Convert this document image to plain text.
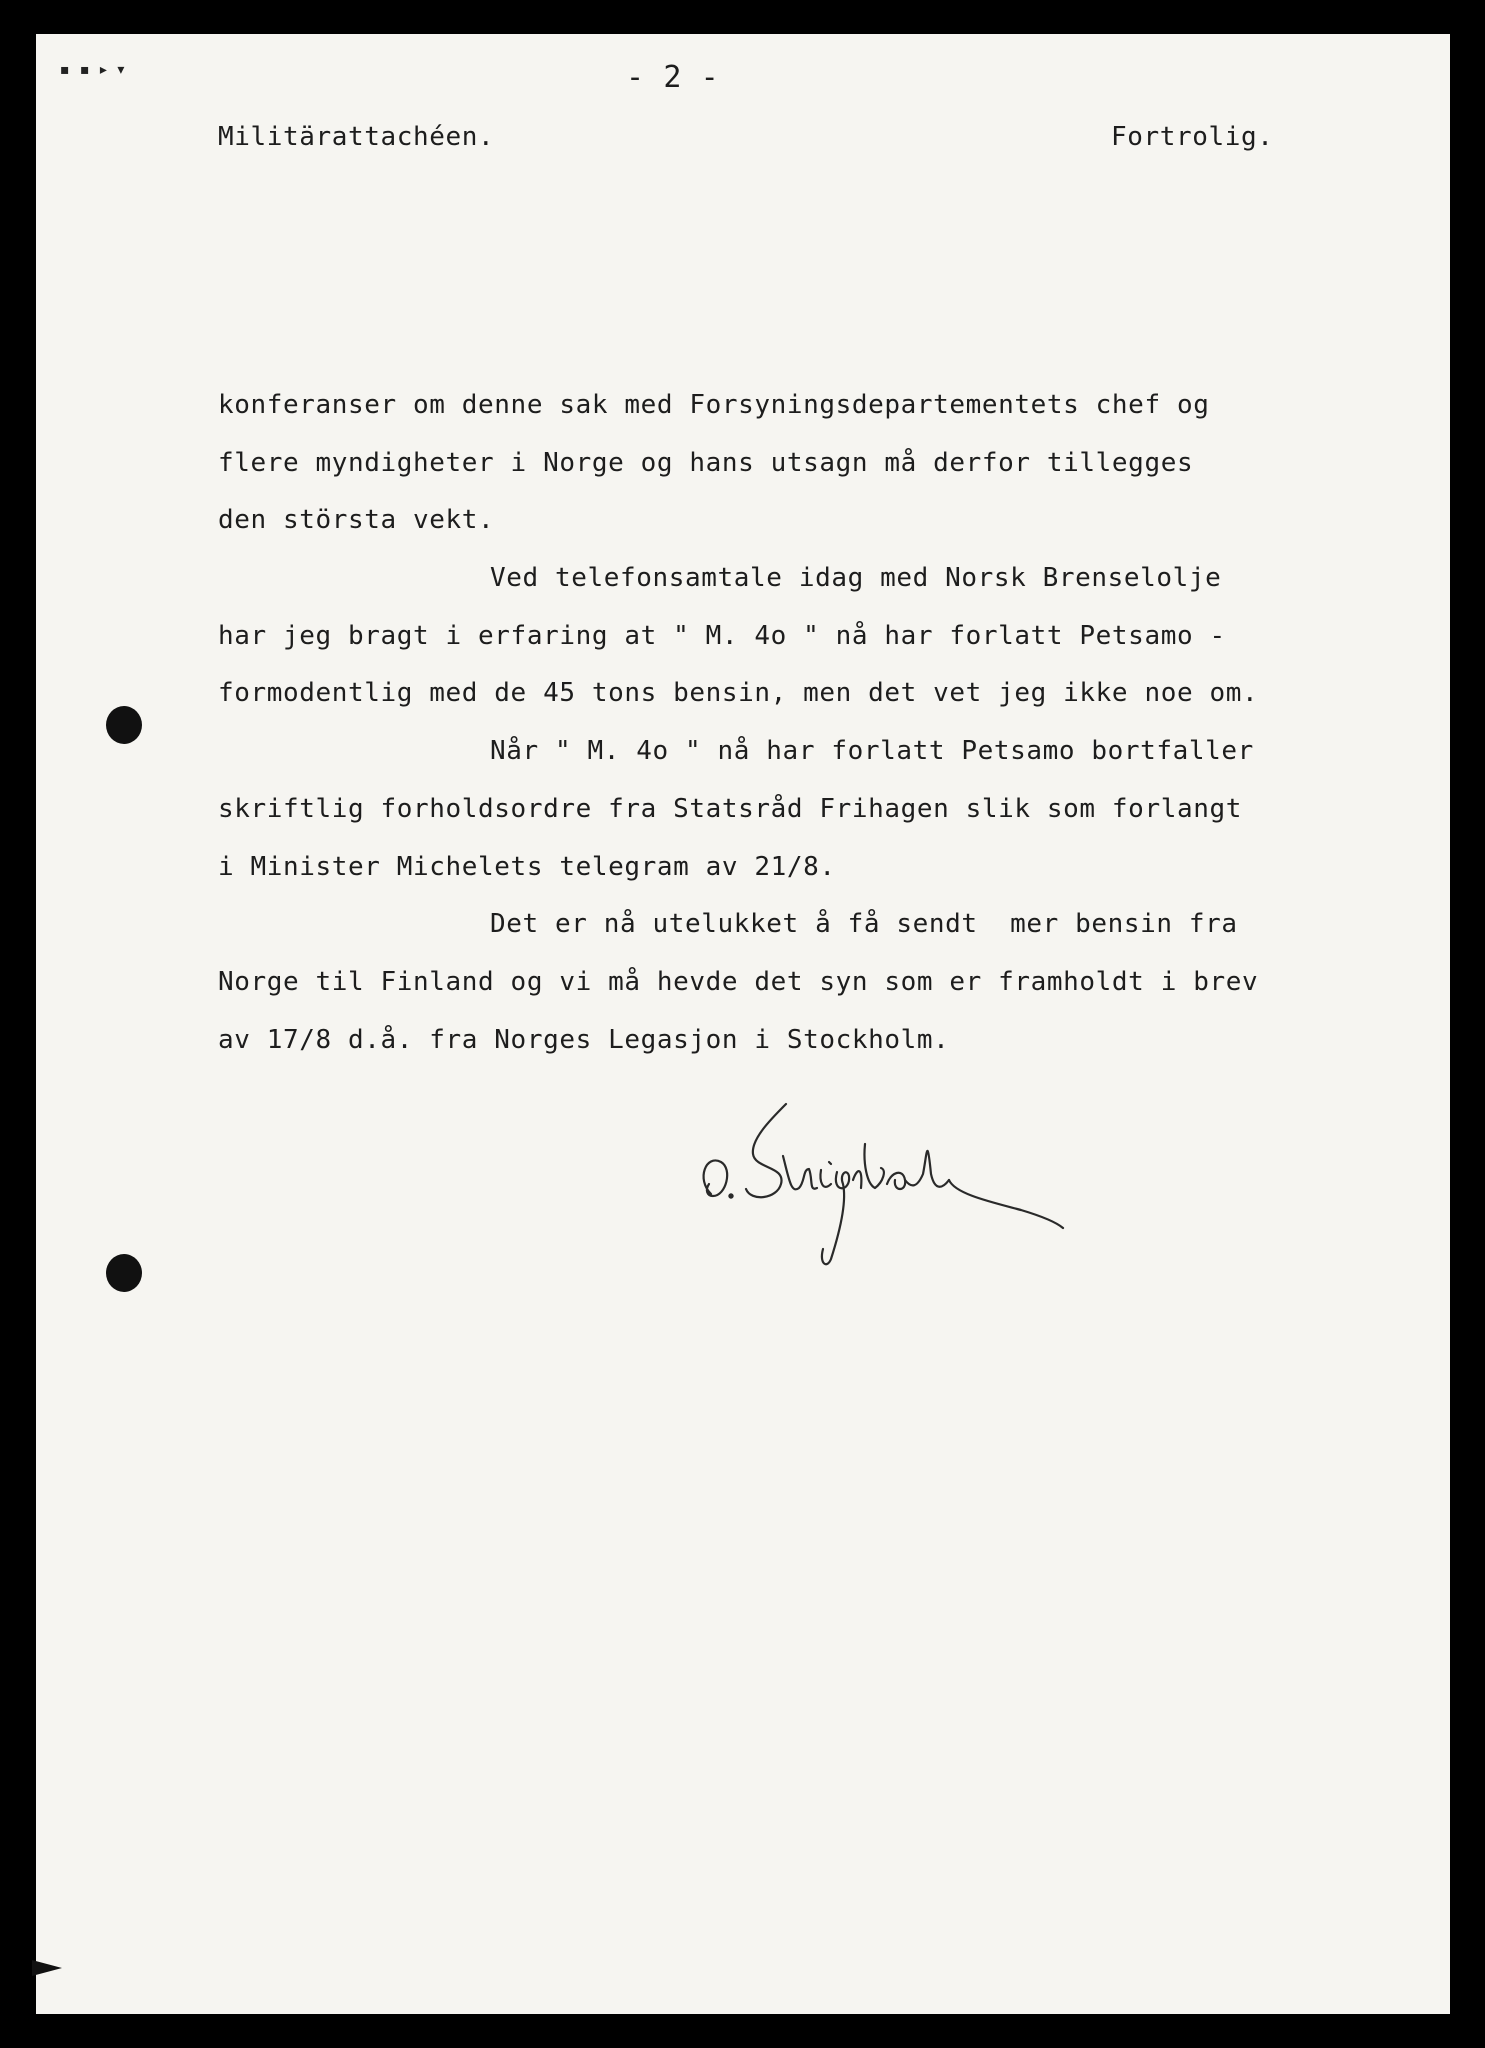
▪ ▪ ▸ ▾	- 2 -
Militärattachéen.	Fortrolig.
konferanser om denne sak med Forsyningsdepartementets chef og
flere myndigheter i Norge og hans utsagn må derfor tillegges
den största vekt.
Ved telefonsamtale idag med Norsk Brenselolje
har jeg bragt i erfaring at " M. 4o " nå har forlatt Petsamo -
formodentlig med de 45 tons bensin, men det vet jeg ikke noe om.
Når " M. 4o " nå har forlatt Petsamo bortfaller
skriftlig forholdsordre fra Statsråd Frihagen slik som forlangt
i Minister Michelets telegram av 21/8.
Det er nå utelukket å få sendt  mer bensin fra
Norge til Finland og vi må hevde det syn som er framholdt i brev
av 17/8 d.å. fra Norges Legasjon i Stockholm.
